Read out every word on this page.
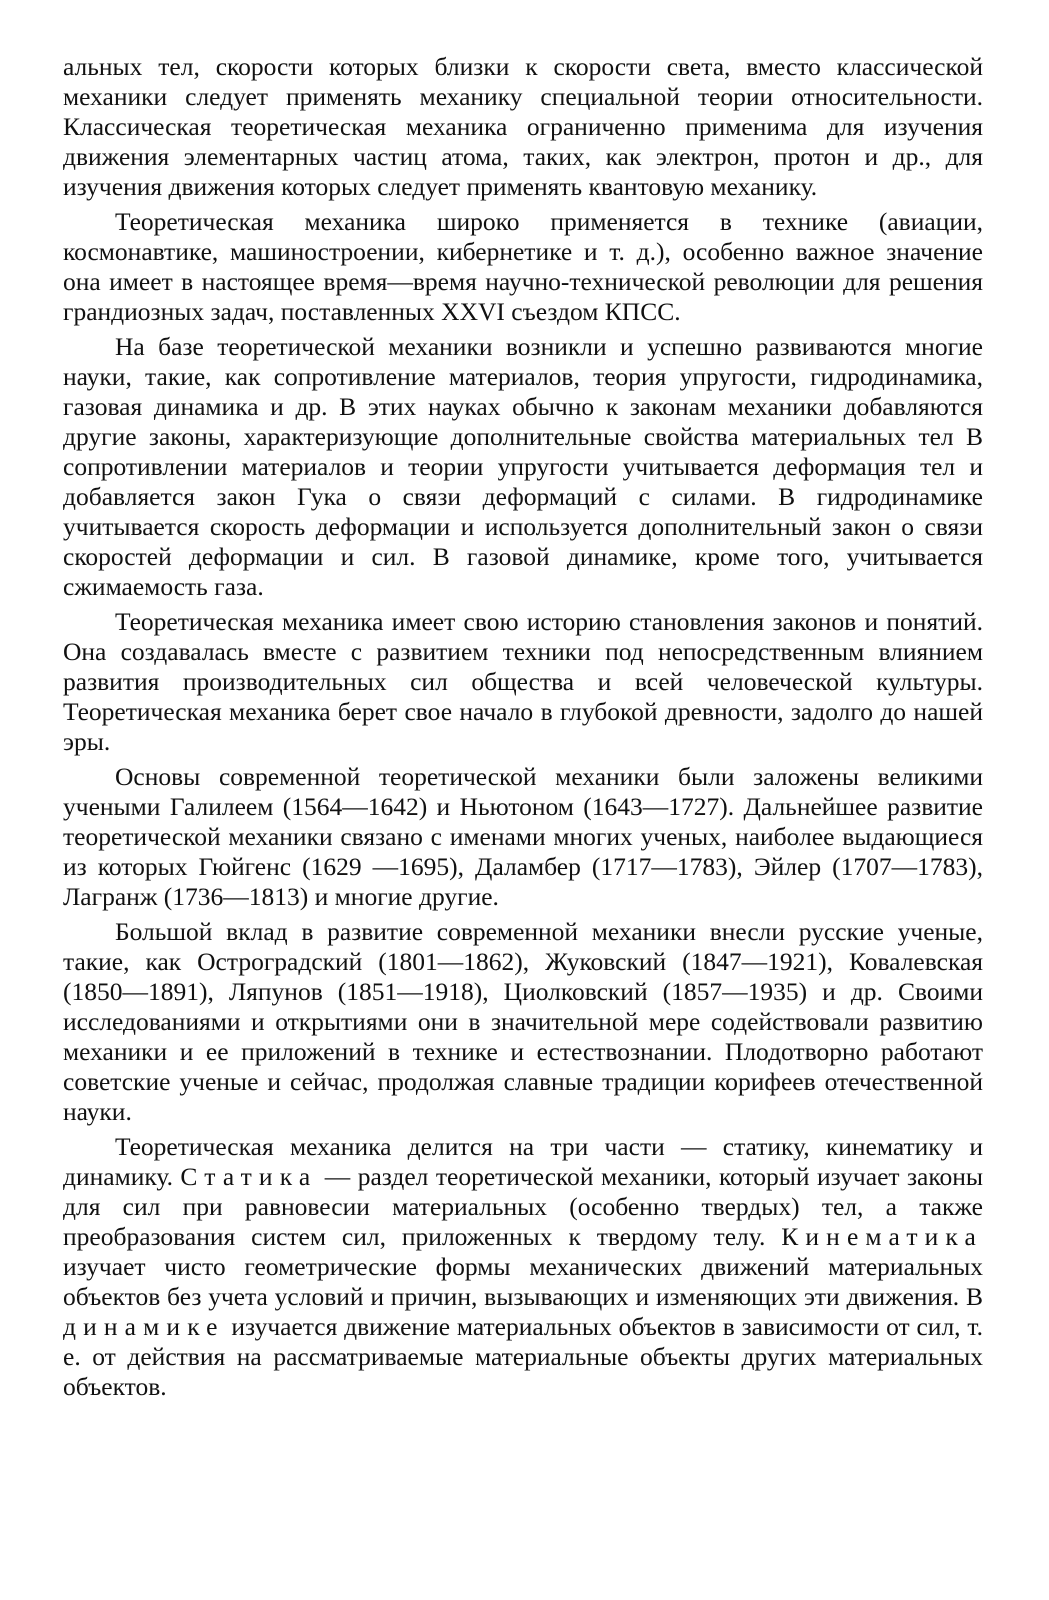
альных тел, скорости которых близки к скорости света, вместо классической механики следует применять механику специальной теории относительности. Классическая теоретическая механика ограниченно применима для изучения движения элементарных частиц атома, таких, как электрон, протон и др., для изучения движения которых следует применять квантовую механику.

Теоретическая механика широко применяется в технике (авиации, космонавтике, машиностроении, кибернетике и т. д.), особенно важное значение она имеет в настоящее время—время научно-технической революции для решения грандиозных задач, поставленных XXVI съездом КПСС.

На базе теоретической механики возникли и успешно развиваются многие науки, такие, как сопротивление материалов, теория упругости, гидродинамика, газовая динамика и др. В этих науках обычно к законам механики добавляются другие законы, характеризующие дополнительные свойства материальных тел В сопротивлении материалов и теории упругости учитывается деформация тел и добавляется закон Гука о связи деформаций с силами. В гидродинамике учитывается скорость деформации и используется дополнительный закон о связи скоростей деформации и сил. В газовой динамике, кроме того, учитывается сжимаемость газа.

Теоретическая механика имеет свою историю становления законов и понятий. Она создавалась вместе с развитием техники под непосредственным влиянием развития производительных сил общества и всей человеческой культуры. Теоретическая механика берет свое начало в глубокой древности, задолго до нашей эры.

Основы современной теоретической механики были заложены великими учеными Галилеем (1564—1642) и Ньютоном (1643—1727). Дальнейшее развитие теоретической механики связано с именами многих ученых, наиболее выдающиеся из которых Гюйгенс (1629 —1695), Даламбер (1717—1783), Эйлер (1707—1783), Лагранж (1736—1813) и многие другие.

Большой вклад в развитие современной механики внесли русские ученые, такие, как Остроградский (1801—1862), Жуковский (1847—1921), Ковалевская (1850—1891), Ляпунов (1851—1918), Циолковский (1857—1935) и др. Своими исследованиями и открытиями они в значительной мере содействовали развитию механики и ее приложений в технике и естествознании. Плодотворно работают советские ученые и сейчас, продолжая славные традиции корифеев отечественной науки.

Теоретическая механика делится на три части — статику, кинематику и динамику. Статика — раздел теоретической механики, который изучает законы для сил при равновесии материальных (особенно твердых) тел, а также преобразования систем сил, приложенных к твердому телу. Кинематика изучает чисто геометрические формы механических движений материальных объектов без учета условий и причин, вызывающих и изменяющих эти движения. В динамике изучается движение материальных объектов в зависимости от сил, т. е. от действия на рассматриваемые материальные объекты других материальных объектов.
